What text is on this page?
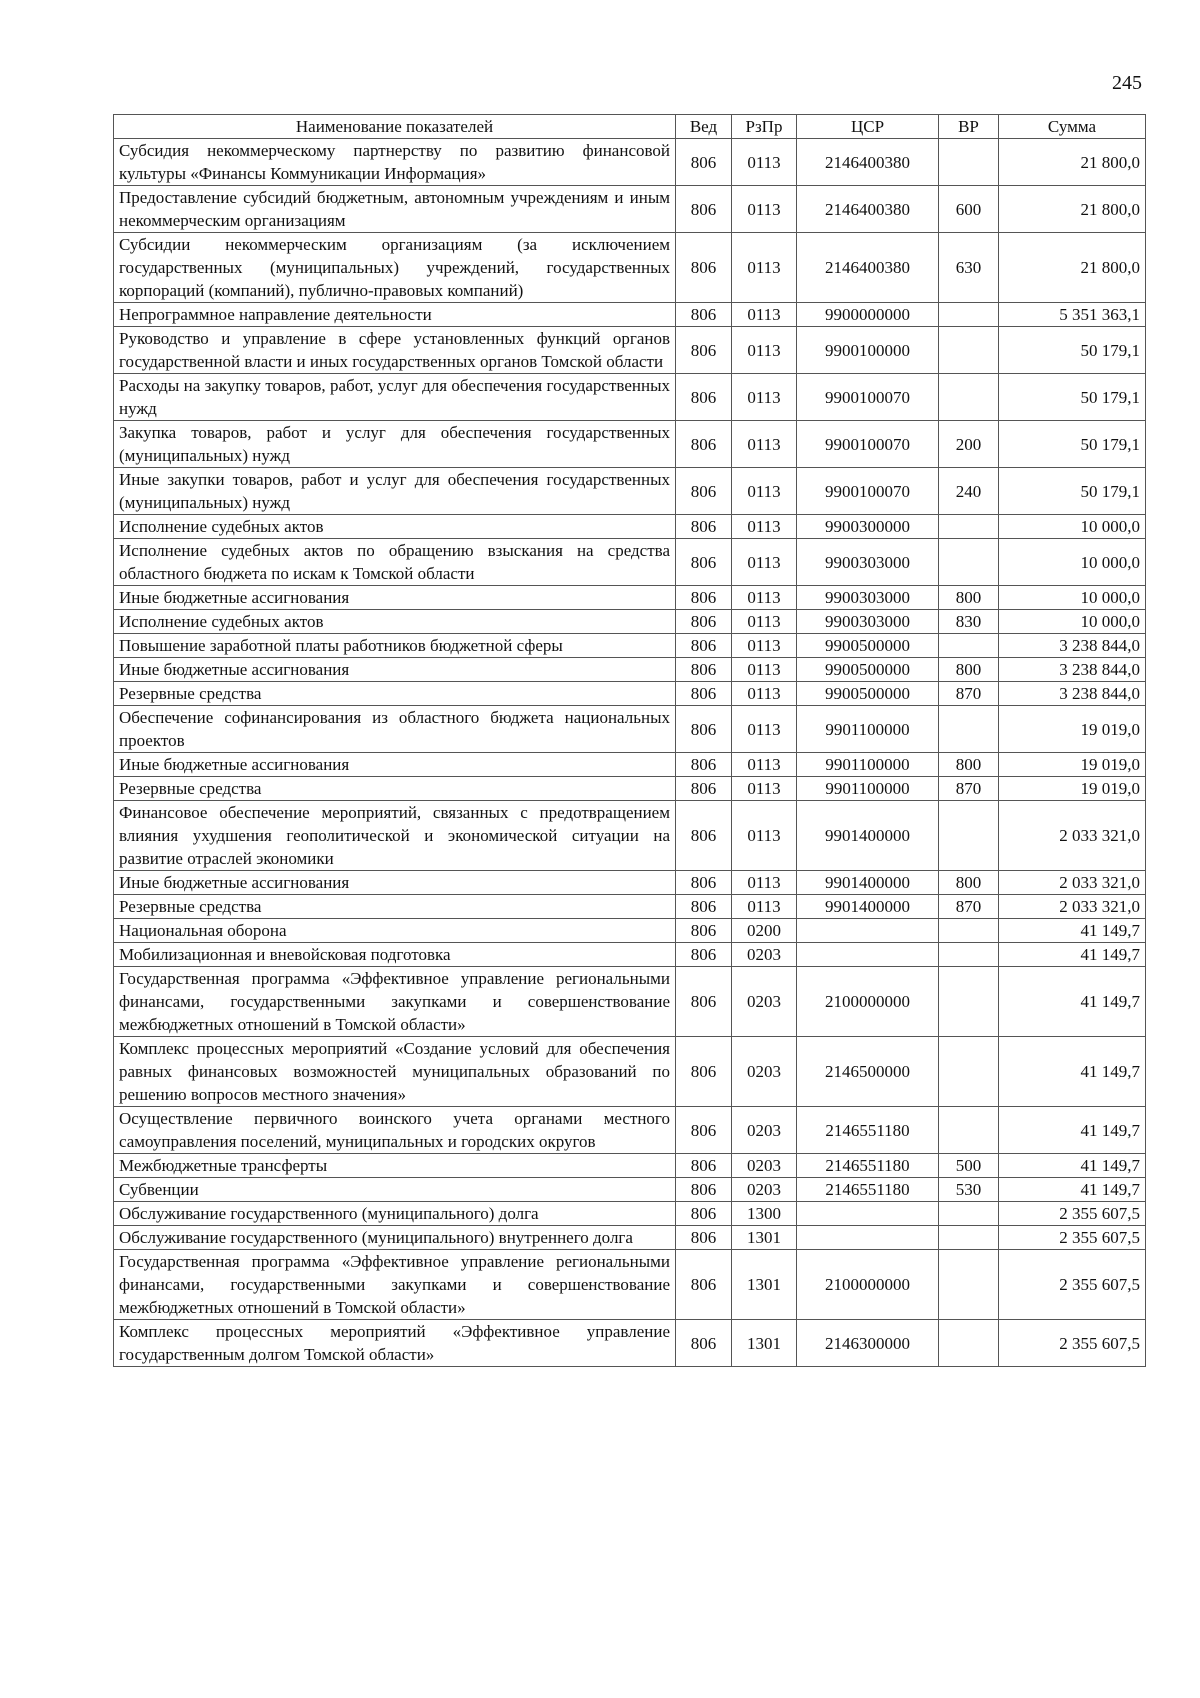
245
Наименование показателей	Вед	РзПр	ЦСР	ВР	Сумма
Субсидия некоммерческому партнерству по развитию финансовой культуры «Финансы Коммуникации Информация»	806	0113	2146400380		21 800,0
Предоставление субсидий бюджетным, автономным учреждениям и иным некоммерческим организациям	806	0113	2146400380	600	21 800,0
Субсидии некоммерческим организациям (за исключением государственных (муниципальных) учреждений, государственных корпораций (компаний), публично-правовых компаний)	806	0113	2146400380	630	21 800,0
Непрограммное направление деятельности	806	0113	9900000000		5 351 363,1
Руководство и управление в сфере установленных функций органов государственной власти и иных государственных органов Томской области	806	0113	9900100000		50 179,1
Расходы на закупку товаров, работ, услуг для обеспечения государственных нужд	806	0113	9900100070		50 179,1
Закупка товаров, работ и услуг для обеспечения государственных (муниципальных) нужд	806	0113	9900100070	200	50 179,1
Иные закупки товаров, работ и услуг для обеспечения государственных (муниципальных) нужд	806	0113	9900100070	240	50 179,1
Исполнение судебных актов	806	0113	9900300000		10 000,0
Исполнение судебных актов по обращению взыскания на средства областного бюджета по искам к Томской области	806	0113	9900303000		10 000,0
Иные бюджетные ассигнования	806	0113	9900303000	800	10 000,0
Исполнение судебных актов	806	0113	9900303000	830	10 000,0
Повышение заработной платы работников бюджетной сферы	806	0113	9900500000		3 238 844,0
Иные бюджетные ассигнования	806	0113	9900500000	800	3 238 844,0
Резервные средства	806	0113	9900500000	870	3 238 844,0
Обеспечение софинансирования из областного бюджета национальных проектов	806	0113	9901100000		19 019,0
Иные бюджетные ассигнования	806	0113	9901100000	800	19 019,0
Резервные средства	806	0113	9901100000	870	19 019,0
Финансовое обеспечение мероприятий, связанных с предотвращением влияния ухудшения геополитической и экономической ситуации на развитие отраслей экономики	806	0113	9901400000		2 033 321,0
Иные бюджетные ассигнования	806	0113	9901400000	800	2 033 321,0
Резервные средства	806	0113	9901400000	870	2 033 321,0
Национальная оборона	806	0200			41 149,7
Мобилизационная и вневойсковая подготовка	806	0203			41 149,7
Государственная программа «Эффективное управление региональными финансами, государственными закупками и совершенствование межбюджетных отношений в Томской области»	806	0203	2100000000		41 149,7
Комплекс процессных мероприятий «Создание условий для обеспечения равных финансовых возможностей муниципальных образований по решению вопросов местного значения»	806	0203	2146500000		41 149,7
Осуществление первичного воинского учета органами местного самоуправления поселений, муниципальных и городских округов	806	0203	2146551180		41 149,7
Межбюджетные трансферты	806	0203	2146551180	500	41 149,7
Субвенции	806	0203	2146551180	530	41 149,7
Обслуживание государственного (муниципального) долга	806	1300			2 355 607,5
Обслуживание государственного (муниципального) внутреннего долга	806	1301			2 355 607,5
Государственная программа «Эффективное управление региональными финансами, государственными закупками и совершенствование межбюджетных отношений в Томской области»	806	1301	2100000000		2 355 607,5
Комплекс процессных мероприятий «Эффективное управление государственным долгом Томской области»	806	1301	2146300000		2 355 607,5
